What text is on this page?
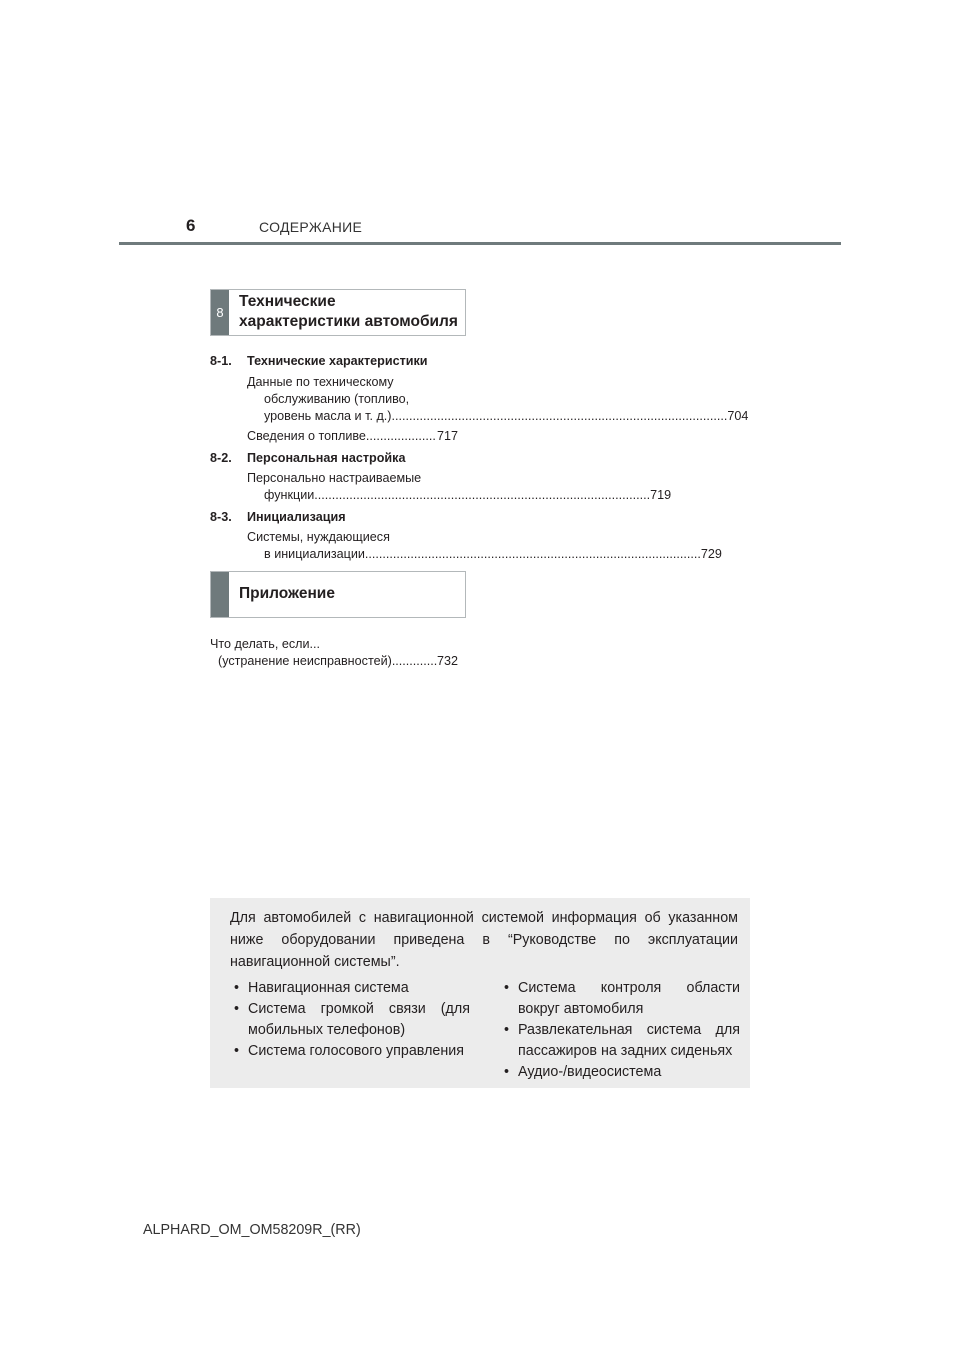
6	СОДЕРЖАНИЕ
8
Технические
характеристики автомобиля
8-1. Технические характеристики
Данные по техническому
обслуживанию (топливо,
уровень масла и т. д.) .....	704
Сведения о топливе .....	717
8-2. Персональная настройка
Персонально настраиваемые
функции .....	719
8-3. Инициализация
Системы, нуждающиеся
в инициализации .....	729
Приложение
Что делать, если...
(устранение неисправностей) .....	732
Для автомобилей с навигационной системой информация об указанном ниже оборудовании приведена в “Руководстве по эксплуатации навигационной системы”.
• Навигационная система
• Система громкой связи (для мобильных телефонов)
• Система голосового управления
• Система контроля области вокруг автомобиля
• Развлекательная система для пассажиров на задних сиденьях
• Аудио-/видеосистема
ALPHARD_OM_OM58209R_(RR)
